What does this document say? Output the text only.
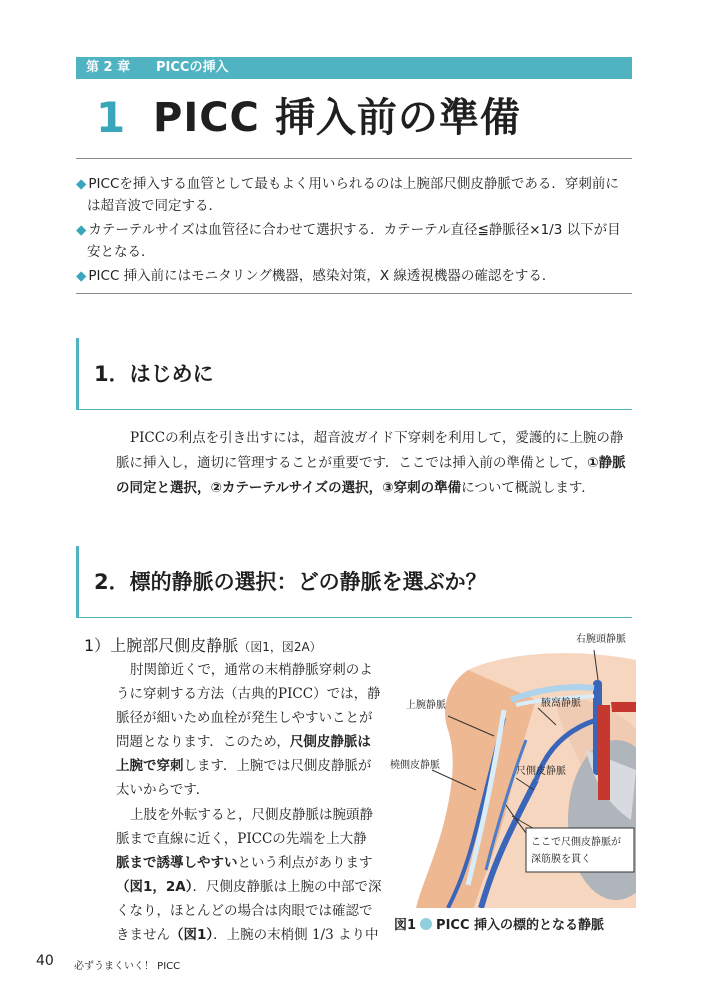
第 2 章 PICCの挿入
1 PICC 挿入前の準備
◆ PICCを挿入する血管として最もよく用いられるのは上腕部尺側皮静脈である．穿刺前に
は超音波で同定する．
◆ カテーテルサイズは血管径に合わせて選択する．カテーテル直径≦静脈径×1/3 以下が目
安となる．
◆ PICC 挿入前にはモニタリング機器，感染対策，X 線透視機器の確認をする．
1．はじめに
PICCの利点を引き出すには，超音波ガイド下穿刺を利用して，愛護的に上腕の静
脈に挿入し，適切に管理することが重要です．ここでは挿入前の準備として，①静脈
の同定と選択，②カテーテルサイズの選択，③穿刺の準備について概説します．
2．標的静脈の選択：どの静脈を選ぶか？
1）上腕部尺側皮静脈（図1，図2A）
肘関節近くで，通常の末梢静脈穿刺のよ
うに穿刺する方法（古典的PICC）では，静
脈径が細いため血栓が発生しやすいことが
問題となります．このため，尺側皮静脈は
上腕で穿刺します．上腕では尺側皮静脈が
太いからです．
上肢を外転すると，尺側皮静脈は腕頭静
脈まで直線に近く，PICCの先端を上大静
脈まで誘導しやすいという利点があります
（図1，2A）．尺側皮静脈は上腕の中部で深
くなり，ほとんどの場合は肉眼では確認で
きません（図1）．上腕の末梢側 1/3 より中
右腕頭静脈
上腕静脈	腋窩静脈
橈側皮静脈
尺側皮静脈
ここで尺側皮静脈が
深筋膜を貫く
図1 PICC 挿入の標的となる静脈
40 必ずうまくいく！ PICC
